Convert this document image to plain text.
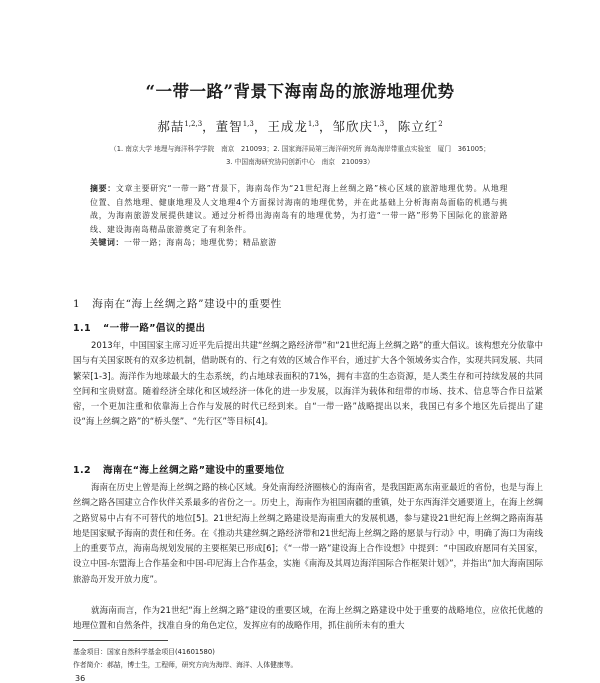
“一带一路”背景下海南岛的旅游地理优势
郝喆$^{1,2,3}$，董智$^{1,3}$，王成龙$^{1,3}$，邹欣庆$^{1,3}$，陈立红$^2$
（1. 南京大学 地理与海洋科学学院　南京　210093；2. 国家海洋局第三海洋研究所 海岛海岸带重点实验室　厦门　361005；
3. 中国南海研究协同创新中心　南京　210093）
摘要：文章主要研究“一带一路”背景下，海南岛作为“21世纪海上丝绸之路”核心区域的旅游地理优势。从地理位置、自然地理、健康地理及人文地理4个方面探讨海南的地理优势，并在此基础上分析海南岛面临的机遇与挑战，为海南旅游发展提供建议。通过分析得出海南岛有的地理优势，为打造“一带一路”形势下国际化的旅游路线、建设海南岛精品旅游奠定了有利条件。
关键词：一带一路；海南岛；地理优势；精品旅游
1 海南在“海上丝绸之路”建设中的重要性
1.1 “一带一路”倡议的提出
2013年，中国国家主席习近平先后提出共建“丝绸之路经济带”和“21世纪海上丝绸之路”的重大倡议。该构想充分依靠中国与有关国家既有的双多边机制，借助既有的、行之有效的区域合作平台，通过扩大各个领域务实合作，实现共同发展、共同繁荣[1-3]。海洋作为地球最大的生态系统，约占地球表面积的71%，拥有丰富的生态资源，是人类生存和可持续发展的共同空间和宝贵财富。随着经济全球化和区域经济一体化的进一步发展，以海洋为载体和纽带的市场、技术、信息等合作日益紧密，一个更加注重和依靠海上合作与发展的时代已经到来。自“一带一路”战略提出以来，我国已有多个地区先后提出了建设“海上丝绸之路”的“桥头堡”、“先行区”等目标[4]。
1.2 海南在“海上丝绸之路”建设中的重要地位
海南在历史上曾是海上丝绸之路的核心区域。身处南海经济圈核心的海南省，是我国距离东南亚最近的省份，也是与海上丝绸之路各国建立合作伙伴关系最多的省份之一。历史上，海南作为祖国南疆的重镇，处于东西海洋交通要道上，在海上丝绸之路贸易中占有不可替代的地位[5]。21世纪海上丝绸之路建设是海南重大的发展机遇，参与建设21世纪海上丝绸之路南海基地是国家赋予海南的责任和任务。在《推动共建丝绸之路经济带和21世纪海上丝绸之路的愿景与行动》中，明确了海口为南线上的重要节点，海南岛规划发展的主要框架已形成[6]；《“一带一路”建设海上合作设想》中提到：“中国政府愿同有关国家，设立中国-东盟海上合作基金和中国-印尼海上合作基金，实施《南海及其周边海洋国际合作框架计划》”，并指出“加大海南国际旅游岛开发开放力度”。
就海南而言，作为21世纪“海上丝绸之路”建设的重要区域，在海上丝绸之路建设中处于重要的战略地位，应依托优越的地理位置和自然条件，找准自身的角色定位，发挥应有的战略作用，抓住前所未有的重大
基金项目：国家自然科学基金项目(41601580)
作者简介：郝喆，博士生，工程师，研究方向为海岸、海洋、人体健康等。
36
